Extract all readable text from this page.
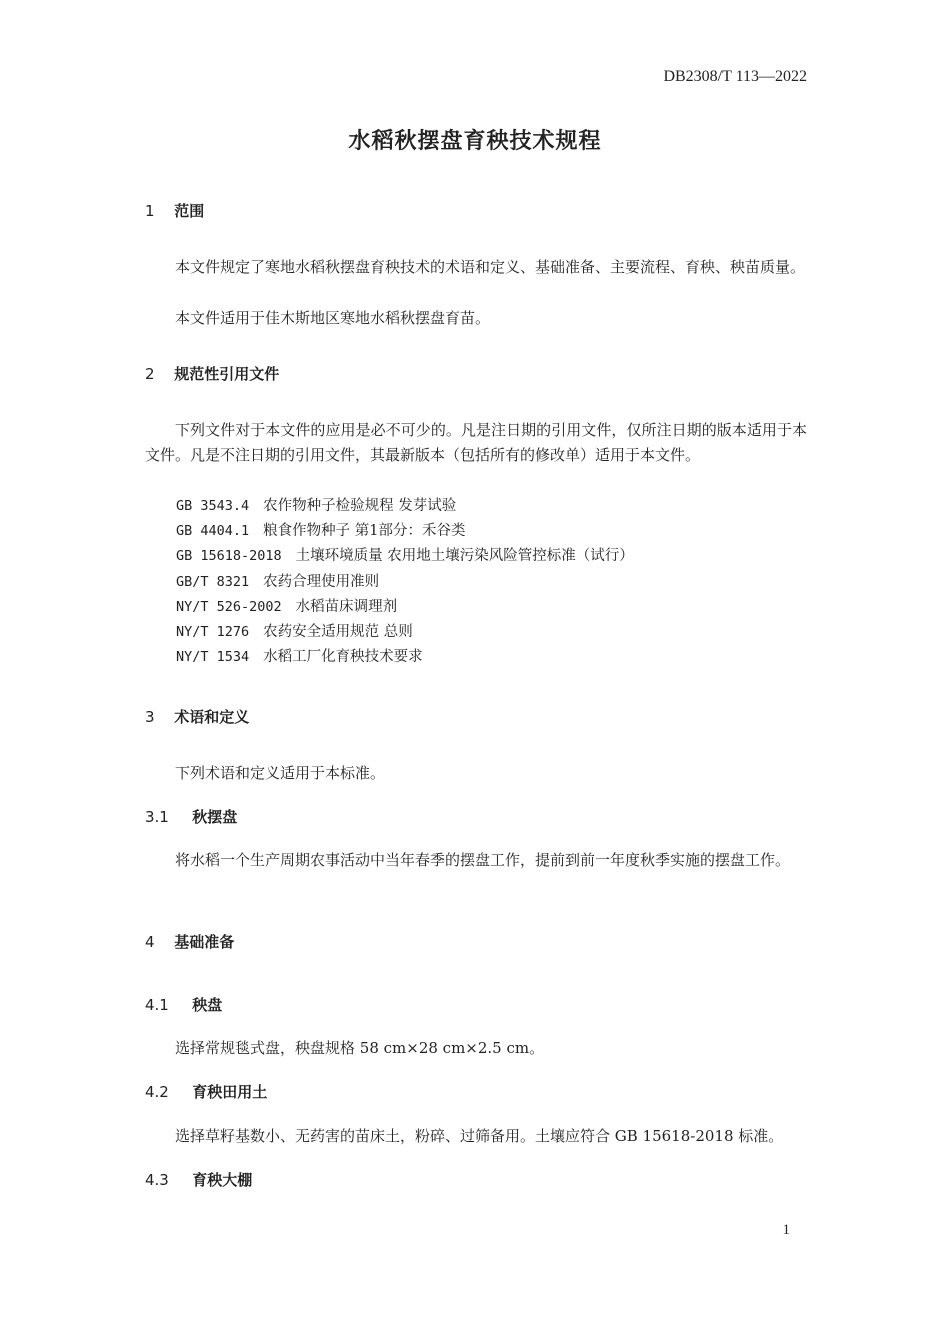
DB2308/T 113—2022
水稻秋摆盘育秧技术规程
1 范围
本文件规定了寒地水稻秋摆盘育秧技术的术语和定义、基础准备、主要流程、育秧、秧苗质量。
本文件适用于佳木斯地区寒地水稻秋摆盘育苗。
2 规范性引用文件
下列文件对于本文件的应用是必不可少的。凡是注日期的引用文件，仅所注日期的版本适用于本文件。凡是不注日期的引用文件，其最新版本（包括所有的修改单）适用于本文件。
GB 3543.4 农作物种子检验规程 发芽试验
GB 4404.1 粮食作物种子 第1部分：禾谷类
GB 15618-2018 土壤环境质量 农用地土壤污染风险管控标准（试行）
GB/T 8321 农药合理使用准则
NY/T 526-2002 水稻苗床调理剂
NY/T 1276 农药安全适用规范 总则
NY/T 1534 水稻工厂化育秧技术要求
3 术语和定义
下列术语和定义适用于本标准。
3.1 秋摆盘
将水稻一个生产周期农事活动中当年春季的摆盘工作，提前到前一年度秋季实施的摆盘工作。
4 基础准备
4.1 秧盘
选择常规毯式盘，秧盘规格 58 cm×28 cm×2.5 cm。
4.2 育秧田用土
选择草籽基数小、无药害的苗床土，粉碎、过筛备用。土壤应符合 GB 15618-2018 标准。
4.3 育秧大棚
1
